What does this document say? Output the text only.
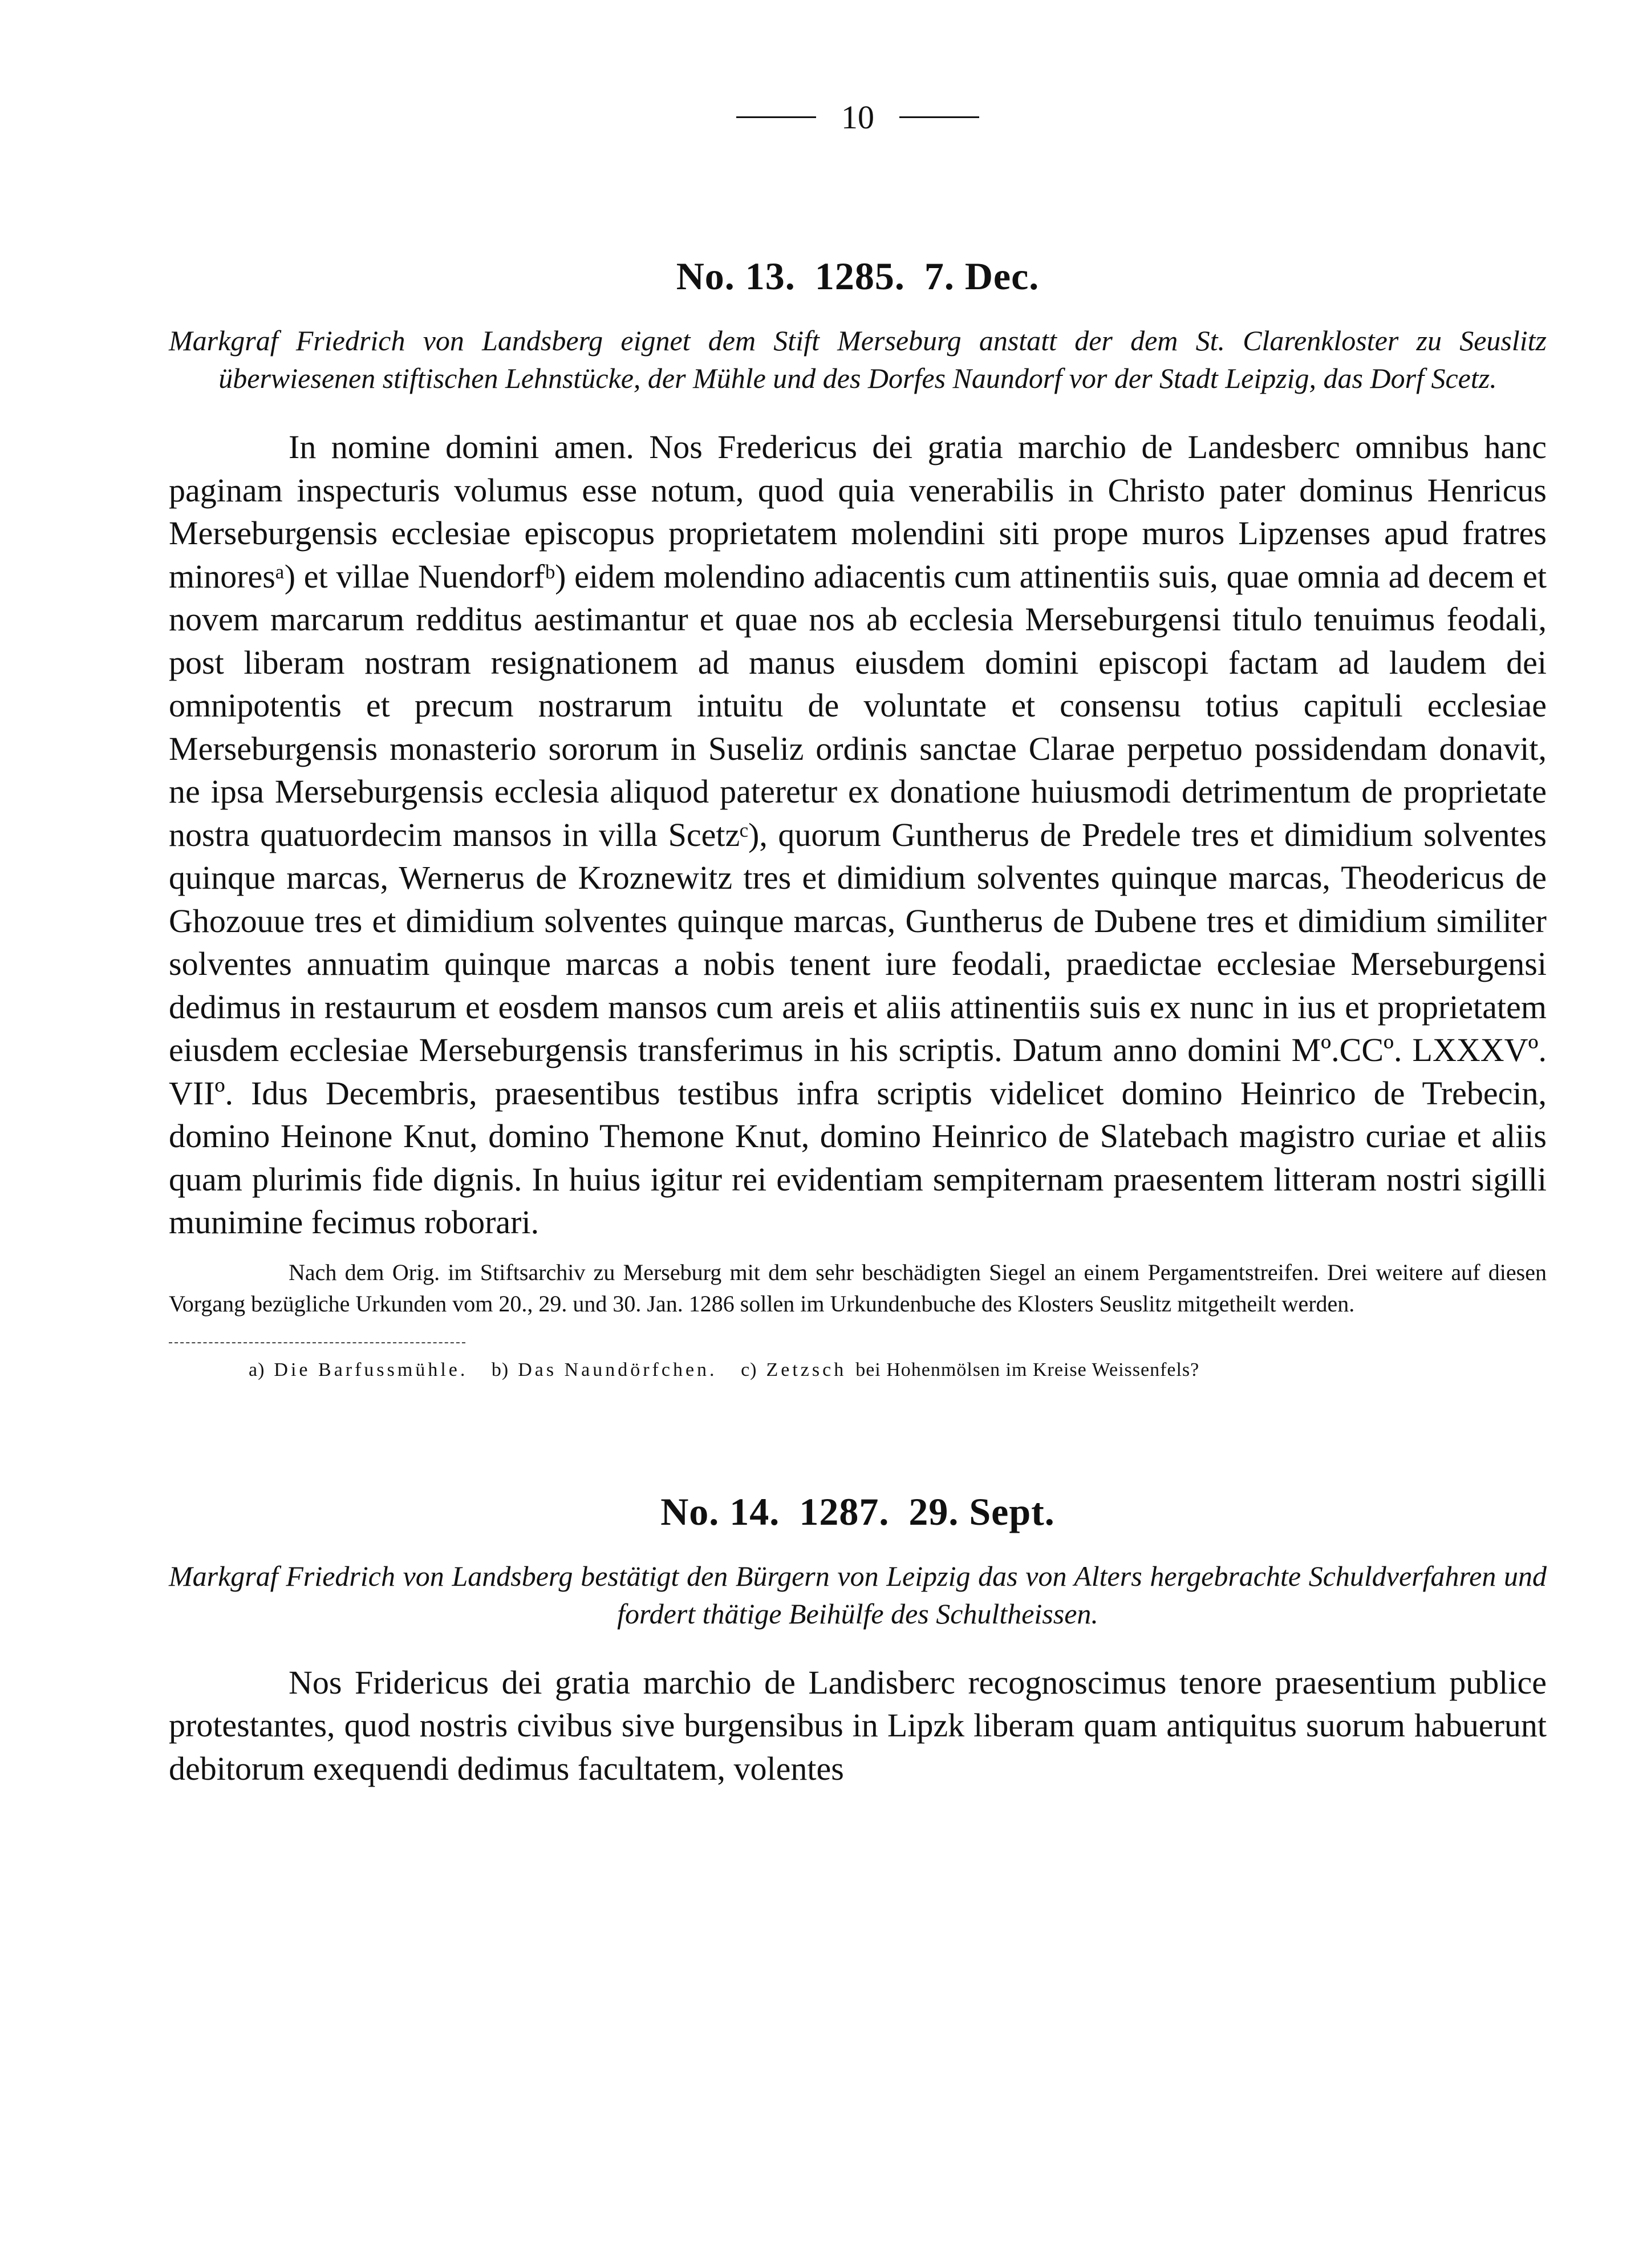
10
No. 13. 1285. 7. Dec.

Markgraf Friedrich von Landsberg eignet dem Stift Merseburg anstatt der dem St. Clarenkloster zu Seuslitz überwiesenen stiftischen Lehnstücke, der Mühle und des Dorfes Naundorf vor der Stadt Leipzig, das Dorf Scetz.

In nomine domini amen. Nos Fredericus dei gratia marchio de Landesberc omnibus hanc paginam inspecturis volumus esse notum, quod quia venerabilis in Christo pater dominus Henricus Merseburgensis ecclesiae episcopus proprietatem molendini siti prope muros Lipzenses apud fratres minoresᵃ) et villae Nuendorfᵇ) eidem molendino adiacentis cum attinentiis suis, quae omnia ad decem et novem marcarum redditus aestimantur et quae nos ab ecclesia Merseburgensi titulo tenuimus feodali, post liberam nostram resignationem ad manus eiusdem domini episcopi factam ad laudem dei omnipotentis et precum nostrarum intuitu de voluntate et consensu totius capituli ecclesiae Merseburgensis monasterio sororum in Suseliz ordinis sanctae Clarae perpetuo possidendam donavit, ne ipsa Merseburgensis ecclesia aliquod pateretur ex donatione huiusmodi detrimentum de proprietate nostra quatuordecim mansos in villa Scetzᶜ), quorum Guntherus de Predele tres et dimidium solventes quinque marcas, Wernerus de Kroznewitz tres et dimidium solventes quinque marcas, Theodericus de Ghozouue tres et dimidium solventes quinque marcas, Guntherus de Dubene tres et dimidium similiter solventes annuatim quinque marcas a nobis tenent iure feodali, praedictae ecclesiae Merseburgensi dedimus in restaurum et eosdem mansos cum areis et aliis attinentiis suis ex nunc in ius et proprietatem eiusdem ecclesiae Merseburgensis transferimus in his scriptis. Datum anno domini Mº.CCº. LXXXVº. VIIº. Idus Decembris, praesentibus testibus infra scriptis videlicet domino Heinrico de Trebecin, domino Heinone Knut, domino Themone Knut, domino Heinrico de Slatebach magistro curiae et aliis quam plurimis fide dignis. In huius igitur rei evidentiam sempiternam praesentem litteram nostri sigilli munimine fecimus roborari.

Nach dem Orig. im Stiftsarchiv zu Merseburg mit dem sehr beschädigten Siegel an einem Pergamentstreifen. Drei weitere auf diesen Vorgang bezügliche Urkunden vom 20., 29. und 30. Jan. 1286 sollen im Urkundenbuche des Klosters Seuslitz mitgetheilt werden.

a) Die Barfussmühle. b) Das Naundörfchen. c) Zetzsch bei Hohenmölsen im Kreise Weissenfels?

No. 14. 1287. 29. Sept.

Markgraf Friedrich von Landsberg bestätigt den Bürgern von Leipzig das von Alters hergebrachte Schuldverfahren und fordert thätige Beihülfe des Schultheissen.

Nos Fridericus dei gratia marchio de Landisberc recognoscimus tenore praesentium publice protestantes, quod nostris civibus sive burgensibus in Lipzk liberam quam antiquitus suorum habuerunt debitorum exequendi dedimus facultatem, volentes
